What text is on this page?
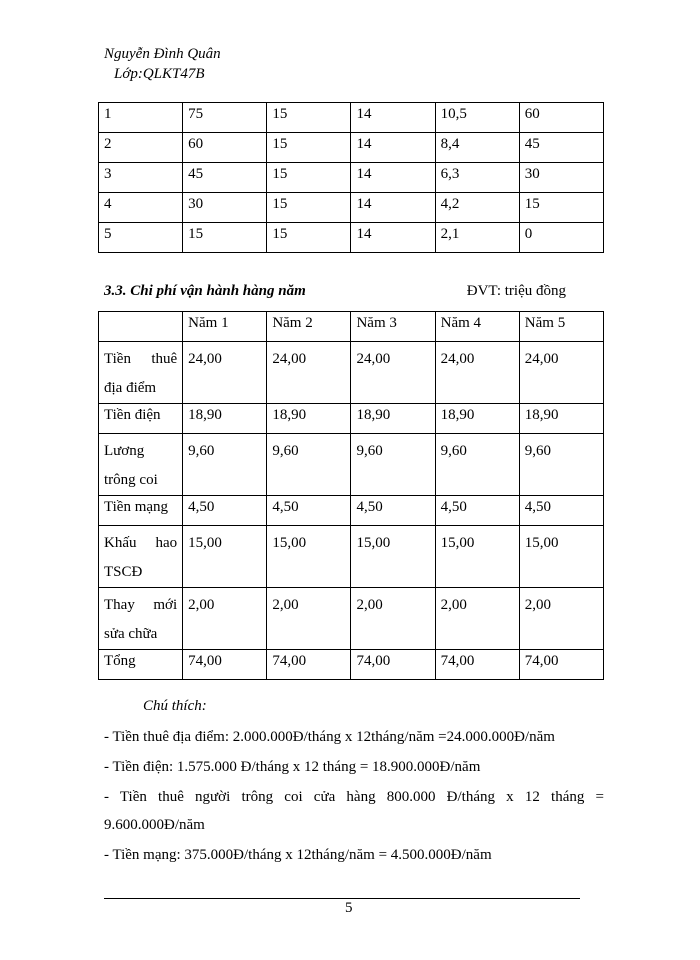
Nguyễn Đình Quân
Lớp:QLKT47B
1	75	15	14	10,5	60
2	60	15	14	8,4	45
3	45	15	14	6,3	30
4	30	15	14	4,2	15
5	15	15	14	2,1	0
3.3. Chi phí vận hành hàng năm	ĐVT: triệu đồng
	Năm 1	Năm 2	Năm 3	Năm 4	Năm 5
Tiền thuê địa điểm	24,00	24,00	24,00	24,00	24,00
Tiền điện	18,90	18,90	18,90	18,90	18,90
Lương trông coi	9,60	9,60	9,60	9,60	9,60
Tiền mạng	4,50	4,50	4,50	4,50	4,50
Khấu hao TSCĐ	15,00	15,00	15,00	15,00	15,00
Thay mới sửa chữa	2,00	2,00	2,00	2,00	2,00
Tổng	74,00	74,00	74,00	74,00	74,00
Chú thích:
- Tiền thuê địa điểm: 2.000.000Đ/tháng x 12tháng/năm =24.000.000Đ/năm
- Tiền điện: 1.575.000 Đ/tháng x 12 tháng = 18.900.000Đ/năm
- Tiền thuê người trông coi cửa hàng 800.000 Đ/tháng x 12 tháng =
9.600.000Đ/năm
- Tiền mạng: 375.000Đ/tháng x 12tháng/năm = 4.500.000Đ/năm
5
